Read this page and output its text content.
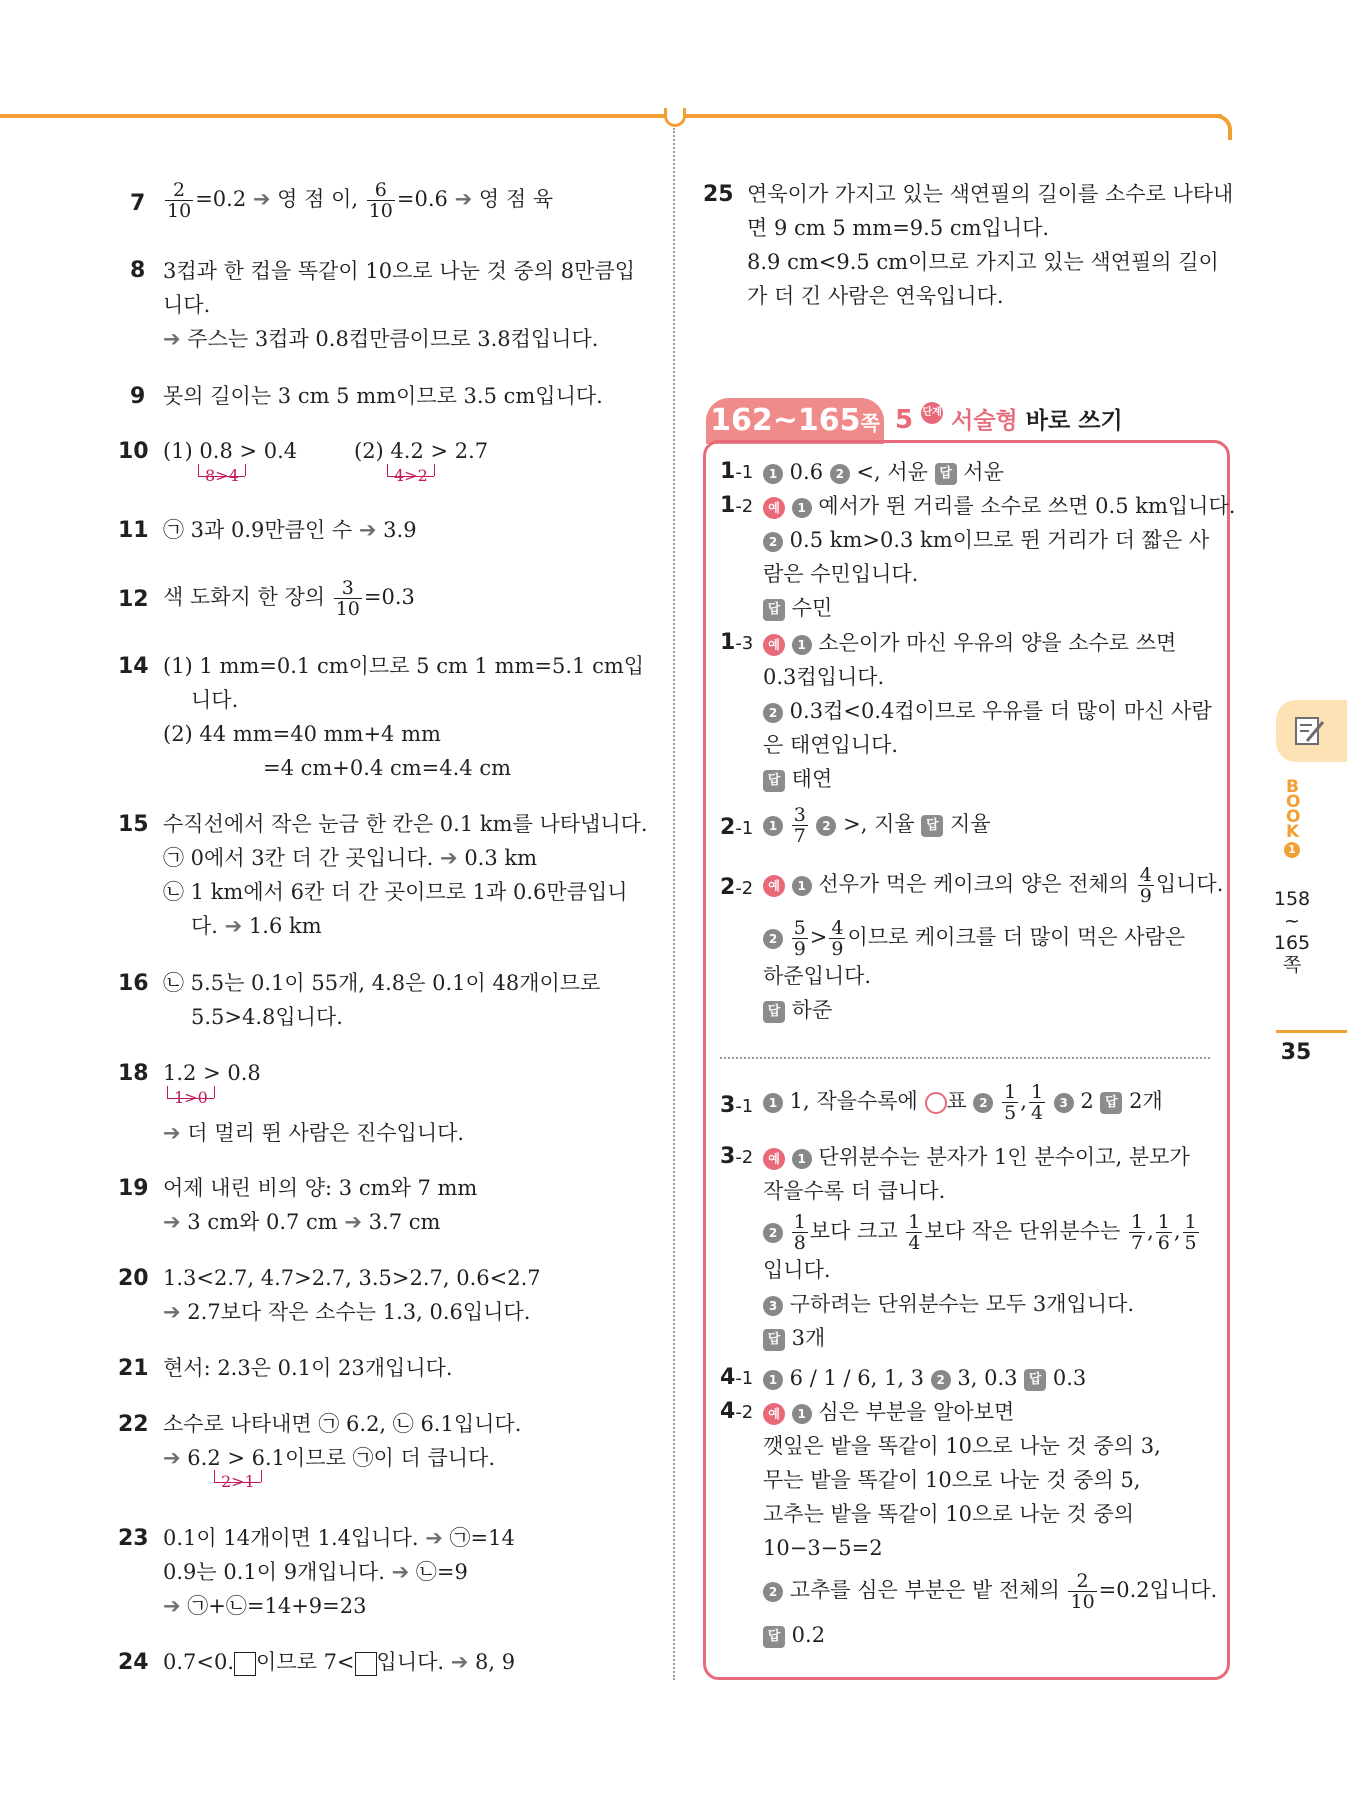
$7 \frac{2}{10} =0.2$ ➔ 영 점 이, $\frac{6}{10} =0.6$ ➔ 영 점 육
8 3컵과 한 컵을 똑같이 10으로 나눈 것 중의 8만큼입
니다.
➔ 주스는 3컵과 0.8컵만큼이므로 3.8컵입니다.
9 못의 길이는 3 cm 5 mm이므로 3.5 cm입니다.
10 (1) 0.8 > 0.4
8>4
(2) 4.2 > 2.7
4>2
11 ㉠ 3과 0.9만큼인 수 ➔ 3.9
12 색 도화지 한 장의 $\frac{3}{10} =0.3$
14 (1) 1 mm=0.1 cm이므로 5 cm 1 mm=5.1 cm입
니다.
(2) 44 mm=40 mm+4 mm
=4 cm+0.4 cm=4.4 cm
15 수직선에서 작은 눈금 한 칸은 0.1 km를 나타냅니다.
㉠ 0에서 3칸 더 간 곳입니다. ➔ 0.3 km
㉡ 1 km에서 6칸 더 간 곳이므로 1과 0.6만큼입니
다. ➔ 1.6 km
16 ㉡ 5.5는 0.1이 55개, 4.8은 0.1이 48개이므로
5.5>4.8입니다.
18 1.2 > 0.8
1>0
➔ 더 멀리 뛴 사람은 진수입니다.
19 어제 내린 비의 양: 3 cm와 7 mm
➔ 3 cm와 0.7 cm ➔ 3.7 cm
20 1.3<2.7, 4.7>2.7, 3.5>2.7, 0.6<2.7
➔ 2.7보다 작은 소수는 1.3, 0.6입니다.
21 현서: 2.3은 0.1이 23개입니다.
22 소수로 나타내면 ㉠ 6.2, ㉡ 6.1입니다.
➔ 6.2 > 6.1이므로 ㉠이 더 큽니다.
2>1
23 0.1이 14개이면 1.4입니다. ➔ ㉠=14
0.9는 0.1이 9개입니다. ➔ ㉡=9
➔ ㉠+㉡=14+9=23
24 0.7<0. 이므로 7< 입니다. ➔ 8, 9
25 연욱이가 가지고 있는 색연필의 길이를 소수로 나타내
면 9 cm 5 mm=9.5 cm입니다.
8.9 cm<9.5 cm이므로 가지고 있는 색연필의 길이
가 더 긴 사람은 연욱입니다.
162~165쪽 5 단계 서술형 바로 쓰기
1-1	1 0.6 2 <, 서윤 답 서윤
1-2	예 1 예서가 뛴 거리를 소수로 쓰면 0.5 km입니다.
2 0.5 km>0.3 km이므로 뛴 거리가 더 짧은 사
람은 수민입니다.
답 수민
1-3	예 1 소은이가 마신 우유의 양을 소수로 쓰면
0.3컵입니다.
2 0.3컵<0.4컵이므로 우유를 더 많이 마신 사람
은 태연입니다.
답 태연
2-1	$1 \frac{3}{7} 2$ >, 지율 답 지율
2-2	예 1 선우가 먹은 케이크의 양은 전체의 $\frac{4}{9}$ 입니다.
$2 \frac{5}{9} > \frac{4}{9}$ 이므로 케이크를 더 많이 먹은 사람은
하준입니다.
답 하준
3-1	1 1, 작을수록에 ○표 $2 \frac{1}{5}$ , $\frac{1}{4} 3$ 2 답 2개
3-2	예 1 단위분수는 분자가 1인 분수이고, 분모가
작을수록 더 큽니다.
$2 \frac{1}{8}$ 보다 크고 $\frac{1}{4}$ 보다 작은 단위분수는 $\frac{1}{7}$ , $\frac{1}{6}$ , $\frac{1}{5}$
입니다.
3 구하려는 단위분수는 모두 3개입니다.
답 3개
4-1	1 6 / 1 / 6, 1, 3 2 3, 0.3 답 0.3
4-2	예 1 심은 부분을 알아보면
깻잎은 밭을 똑같이 10으로 나눈 것 중의 3,
무는 밭을 똑같이 10으로 나눈 것 중의 5,
고추는 밭을 똑같이 10으로 나눈 것 중의
10−3−5=2
2 고추를 심은 부분은 밭 전체의 $\frac{2}{10} =0.2$입니다.
답 0.2
BOOK
1
158
~
165
쪽
35
